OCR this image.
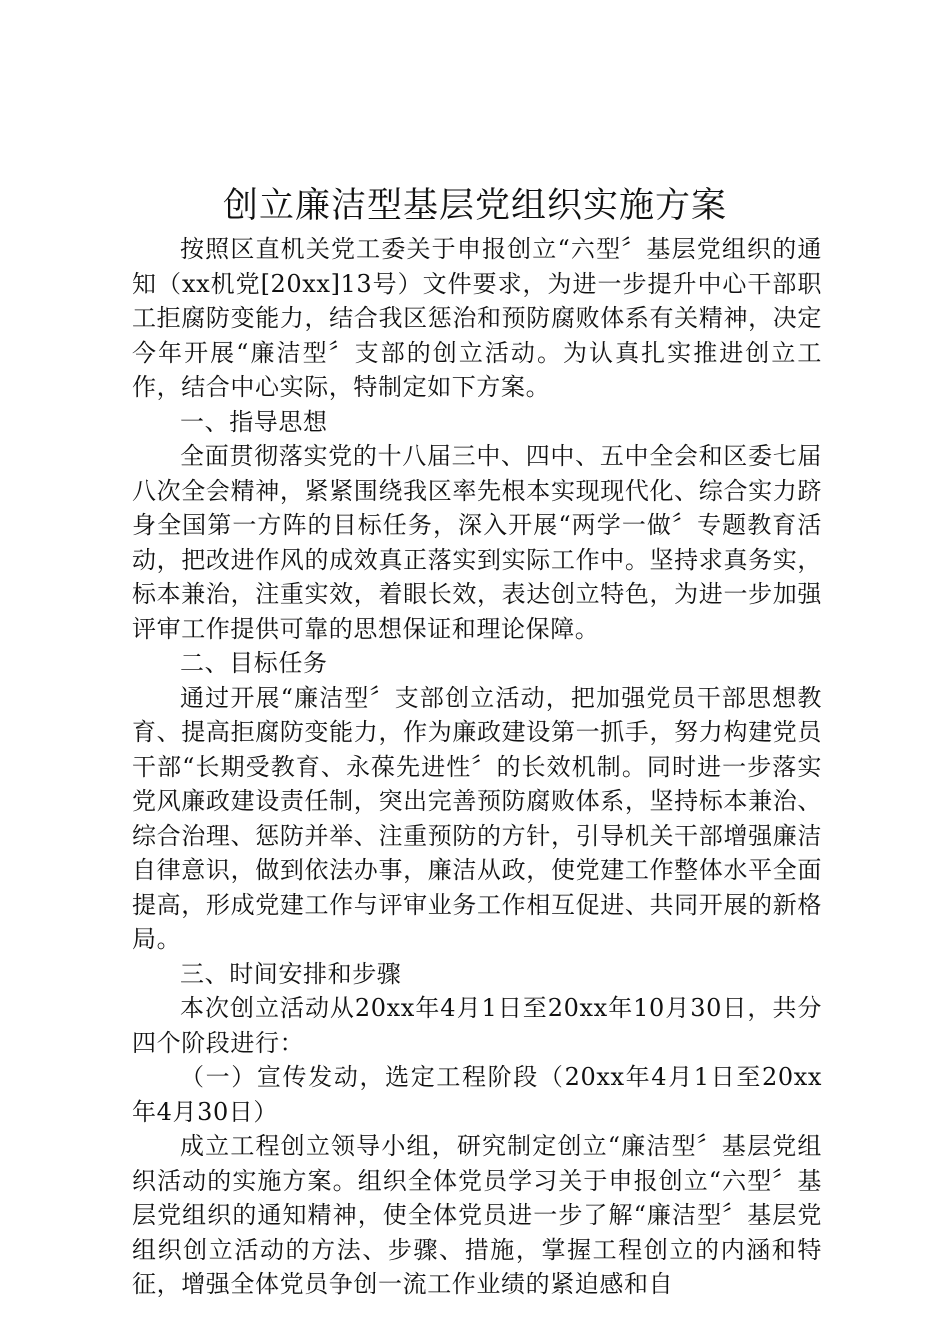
创立廉洁型基层党组织实施方案

按照区直机关党工委关于申报创立“六型〞基层党组织的通知（xx机党[20xx]13号）文件要求，为进一步提升中心干部职工拒腐防变能力，结合我区惩治和预防腐败体系有关精神，决定今年开展“廉洁型〞支部的创立活动。为认真扎实推进创立工作，结合中心实际，特制定如下方案。

一、指导思想

全面贯彻落实党的十八届三中、四中、五中全会和区委七届八次全会精神，紧紧围绕我区率先根本实现现代化、综合实力跻身全国第一方阵的目标任务，深入开展“两学一做〞专题教育活动，把改进作风的成效真正落实到实际工作中。坚持求真务实，标本兼治，注重实效，着眼长效，表达创立特色，为进一步加强评审工作提供可靠的思想保证和理论保障。

二、目标任务

通过开展“廉洁型〞支部创立活动，把加强党员干部思想教育、提高拒腐防变能力，作为廉政建设第一抓手，努力构建党员干部“长期受教育、永葆先进性〞的长效机制。同时进一步落实党风廉政建设责任制，突出完善预防腐败体系，坚持标本兼治、综合治理、惩防并举、注重预防的方针，引导机关干部增强廉洁自律意识，做到依法办事，廉洁从政，使党建工作整体水平全面提高，形成党建工作与评审业务工作相互促进、共同开展的新格局。

三、时间安排和步骤

本次创立活动从20xx年4月1日至20xx年10月30日，共分四个阶段进行：

（一）宣传发动，选定工程阶段（20xx年4月1日至20xx年4月30日）

成立工程创立领导小组，研究制定创立“廉洁型〞基层党组织活动的实施方案。组织全体党员学习关于申报创立“六型〞基层党组织的通知精神，使全体党员进一步了解“廉洁型〞基层党组织创立活动的方法、步骤、措施，掌握工程创立的内涵和特征，增强全体党员争创一流工作业绩的紧迫感和自
